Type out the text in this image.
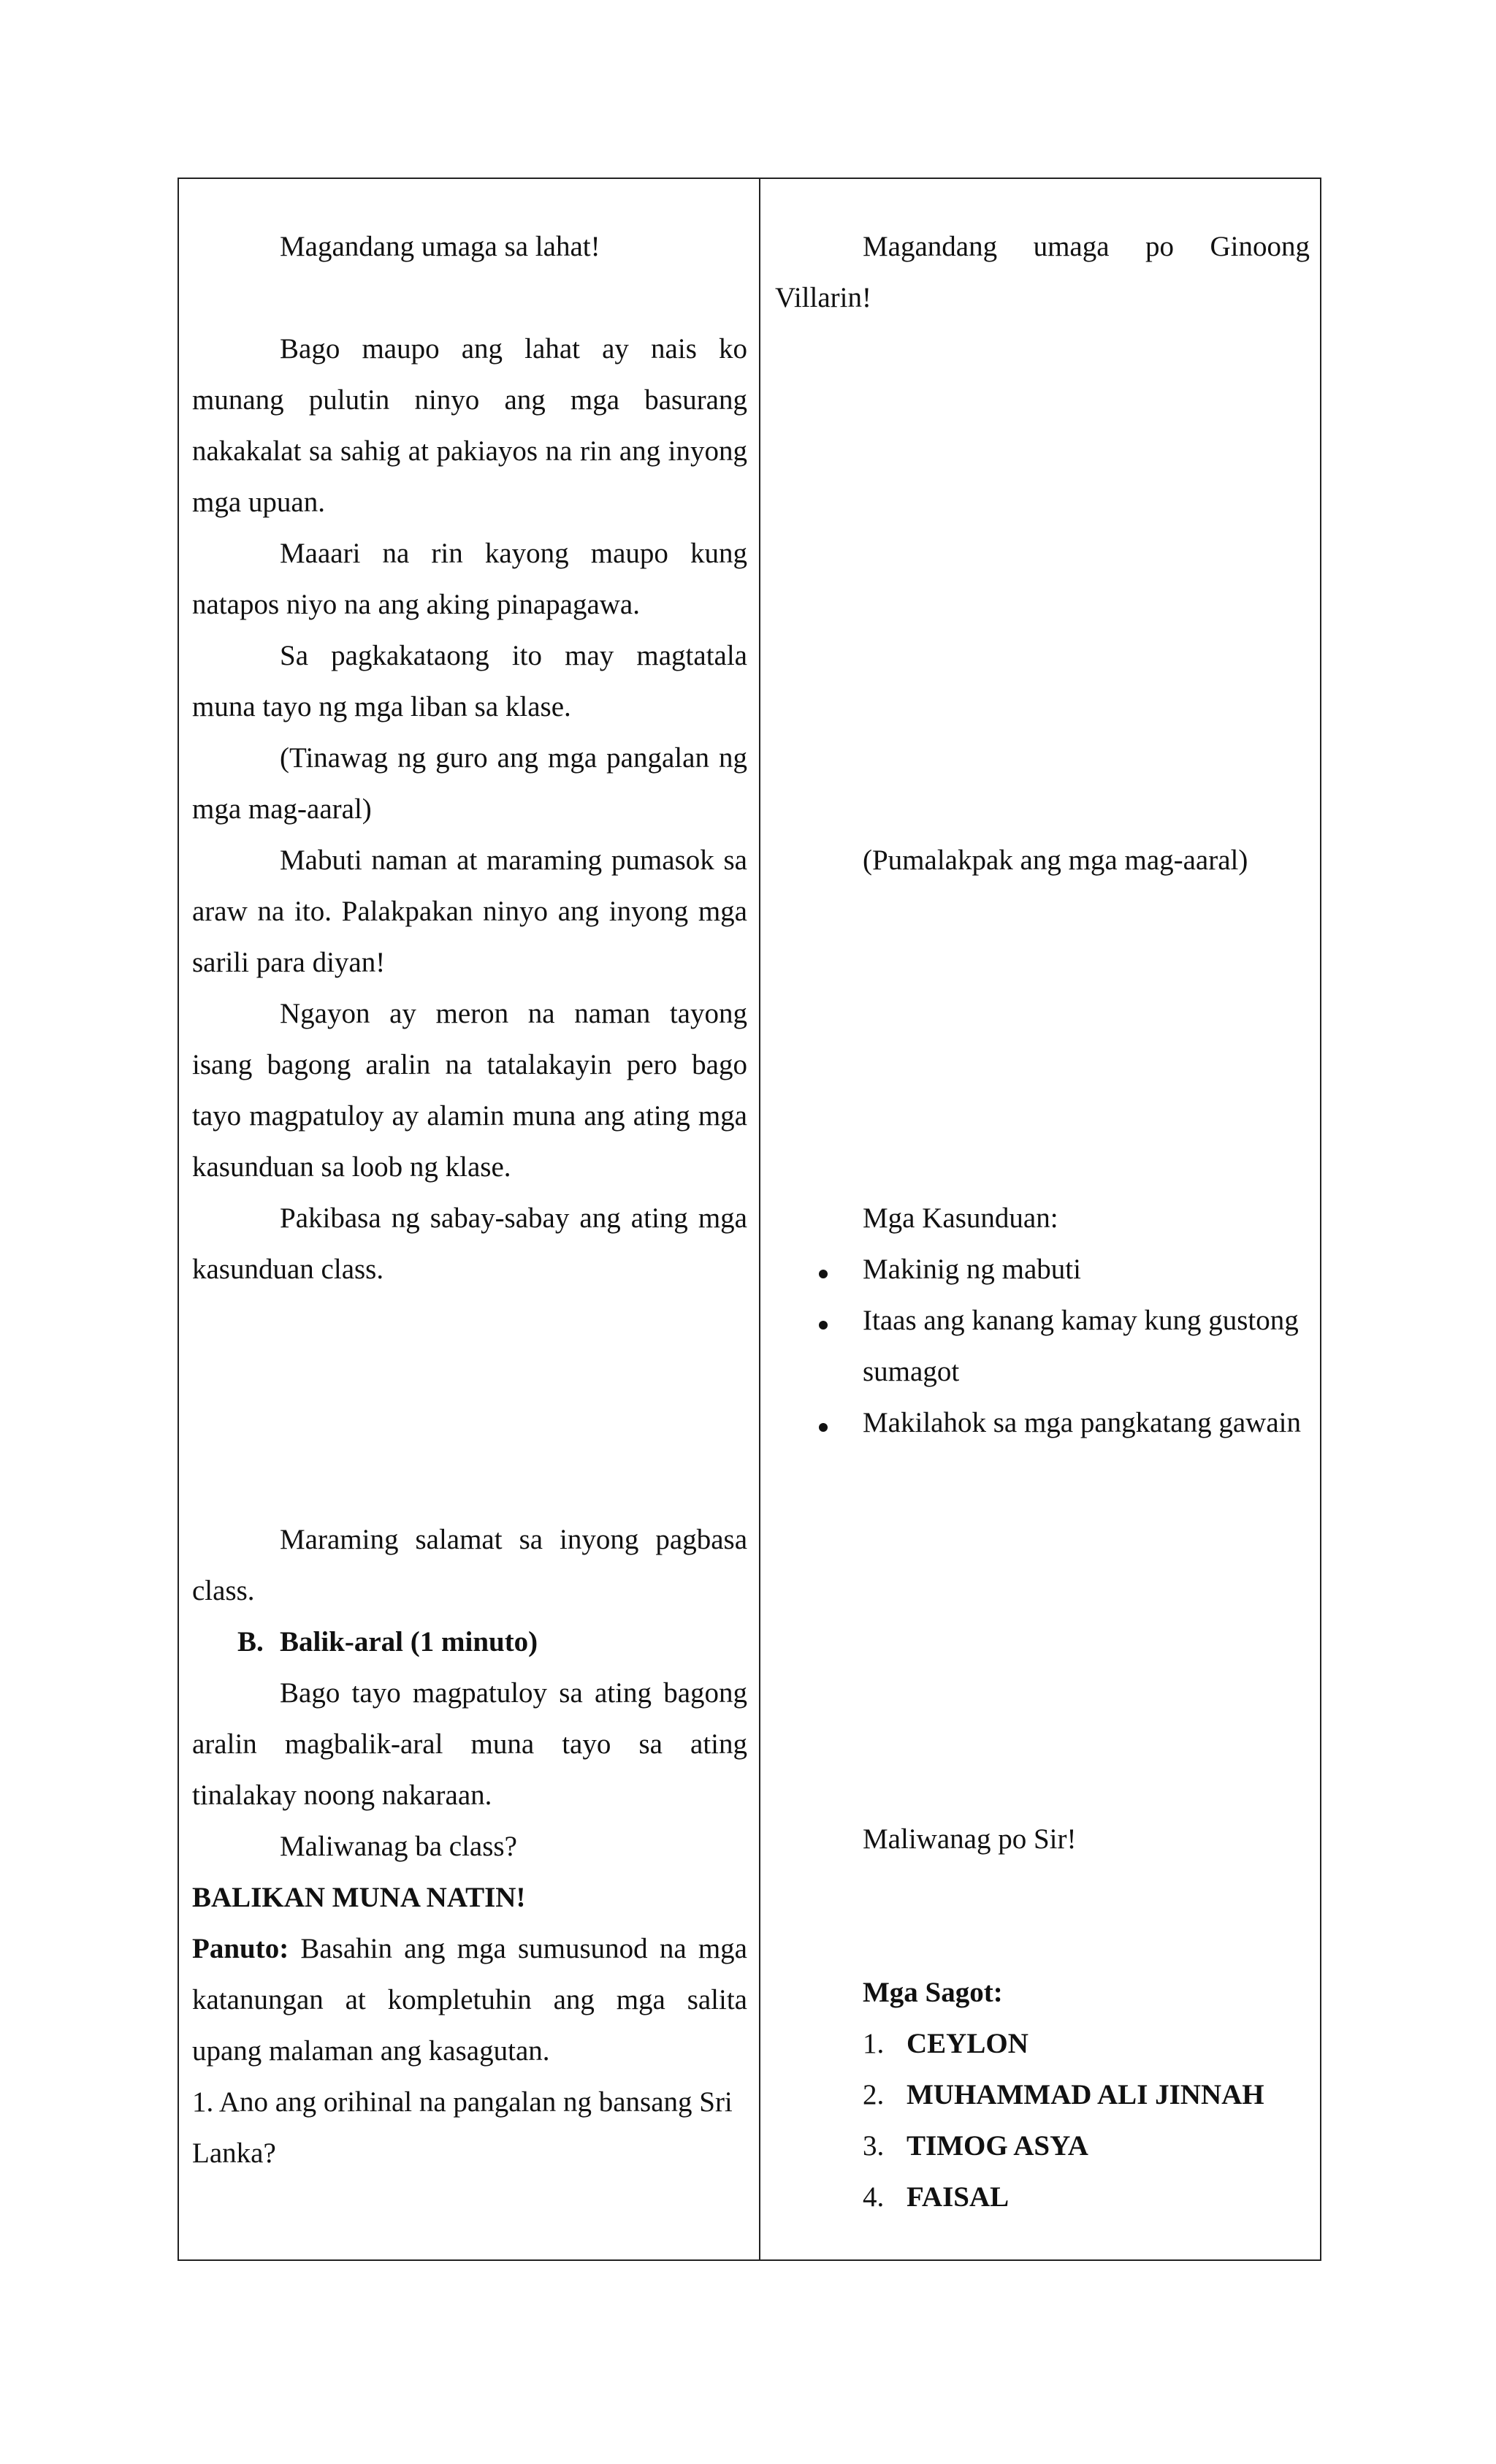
Magandang umaga sa lahat!

Bago maupo ang lahat ay nais ko munang pulutin ninyo ang mga basurang nakakalat sa sahig at pakiayos na rin ang inyong mga upuan.

Maaari na rin kayong maupo kung natapos niyo na ang aking pinapagawa.

Sa pagkakataong ito may magtatala muna tayo ng mga liban sa klase.

(Tinawag ng guro ang mga pangalan ng mga mag-aaral)

Mabuti naman at maraming pumasok sa araw na ito. Palakpakan ninyo ang inyong mga sarili para diyan!

Ngayon ay meron na naman tayong isang bagong aralin na tatalakayin pero bago tayo magpatuloy ay alamin muna ang ating mga kasunduan sa loob ng klase.

Pakibasa ng sabay-sabay ang ating mga kasunduan class.

Maraming salamat sa inyong pagbasa class.

B. Balik-aral (1 minuto)

Bago tayo magpatuloy sa ating bagong aralin magbalik-aral muna tayo sa ating tinalakay noong nakaraan.

Maliwanag ba class?

BALIKAN MUNA NATIN!

Panuto: Basahin ang mga sumusunod na mga katanungan at kompletuhin ang mga salita upang malaman ang kasagutan.

1. Ano ang orihinal na pangalan ng bansang Sri Lanka?

Magandang umaga po Ginoong Villarin!

(Pumalakpak ang mga mag-aaral)

Mga Kasunduan:

Makinig ng mabuti

Itaas ang kanang kamay kung gustong sumagot

Makilahok sa mga pangkatang gawain

Maliwanag po Sir!

Mga Sagot:

1. CEYLON
2. MUHAMMAD ALI JINNAH
3. TIMOG ASYA
4. FAISAL
